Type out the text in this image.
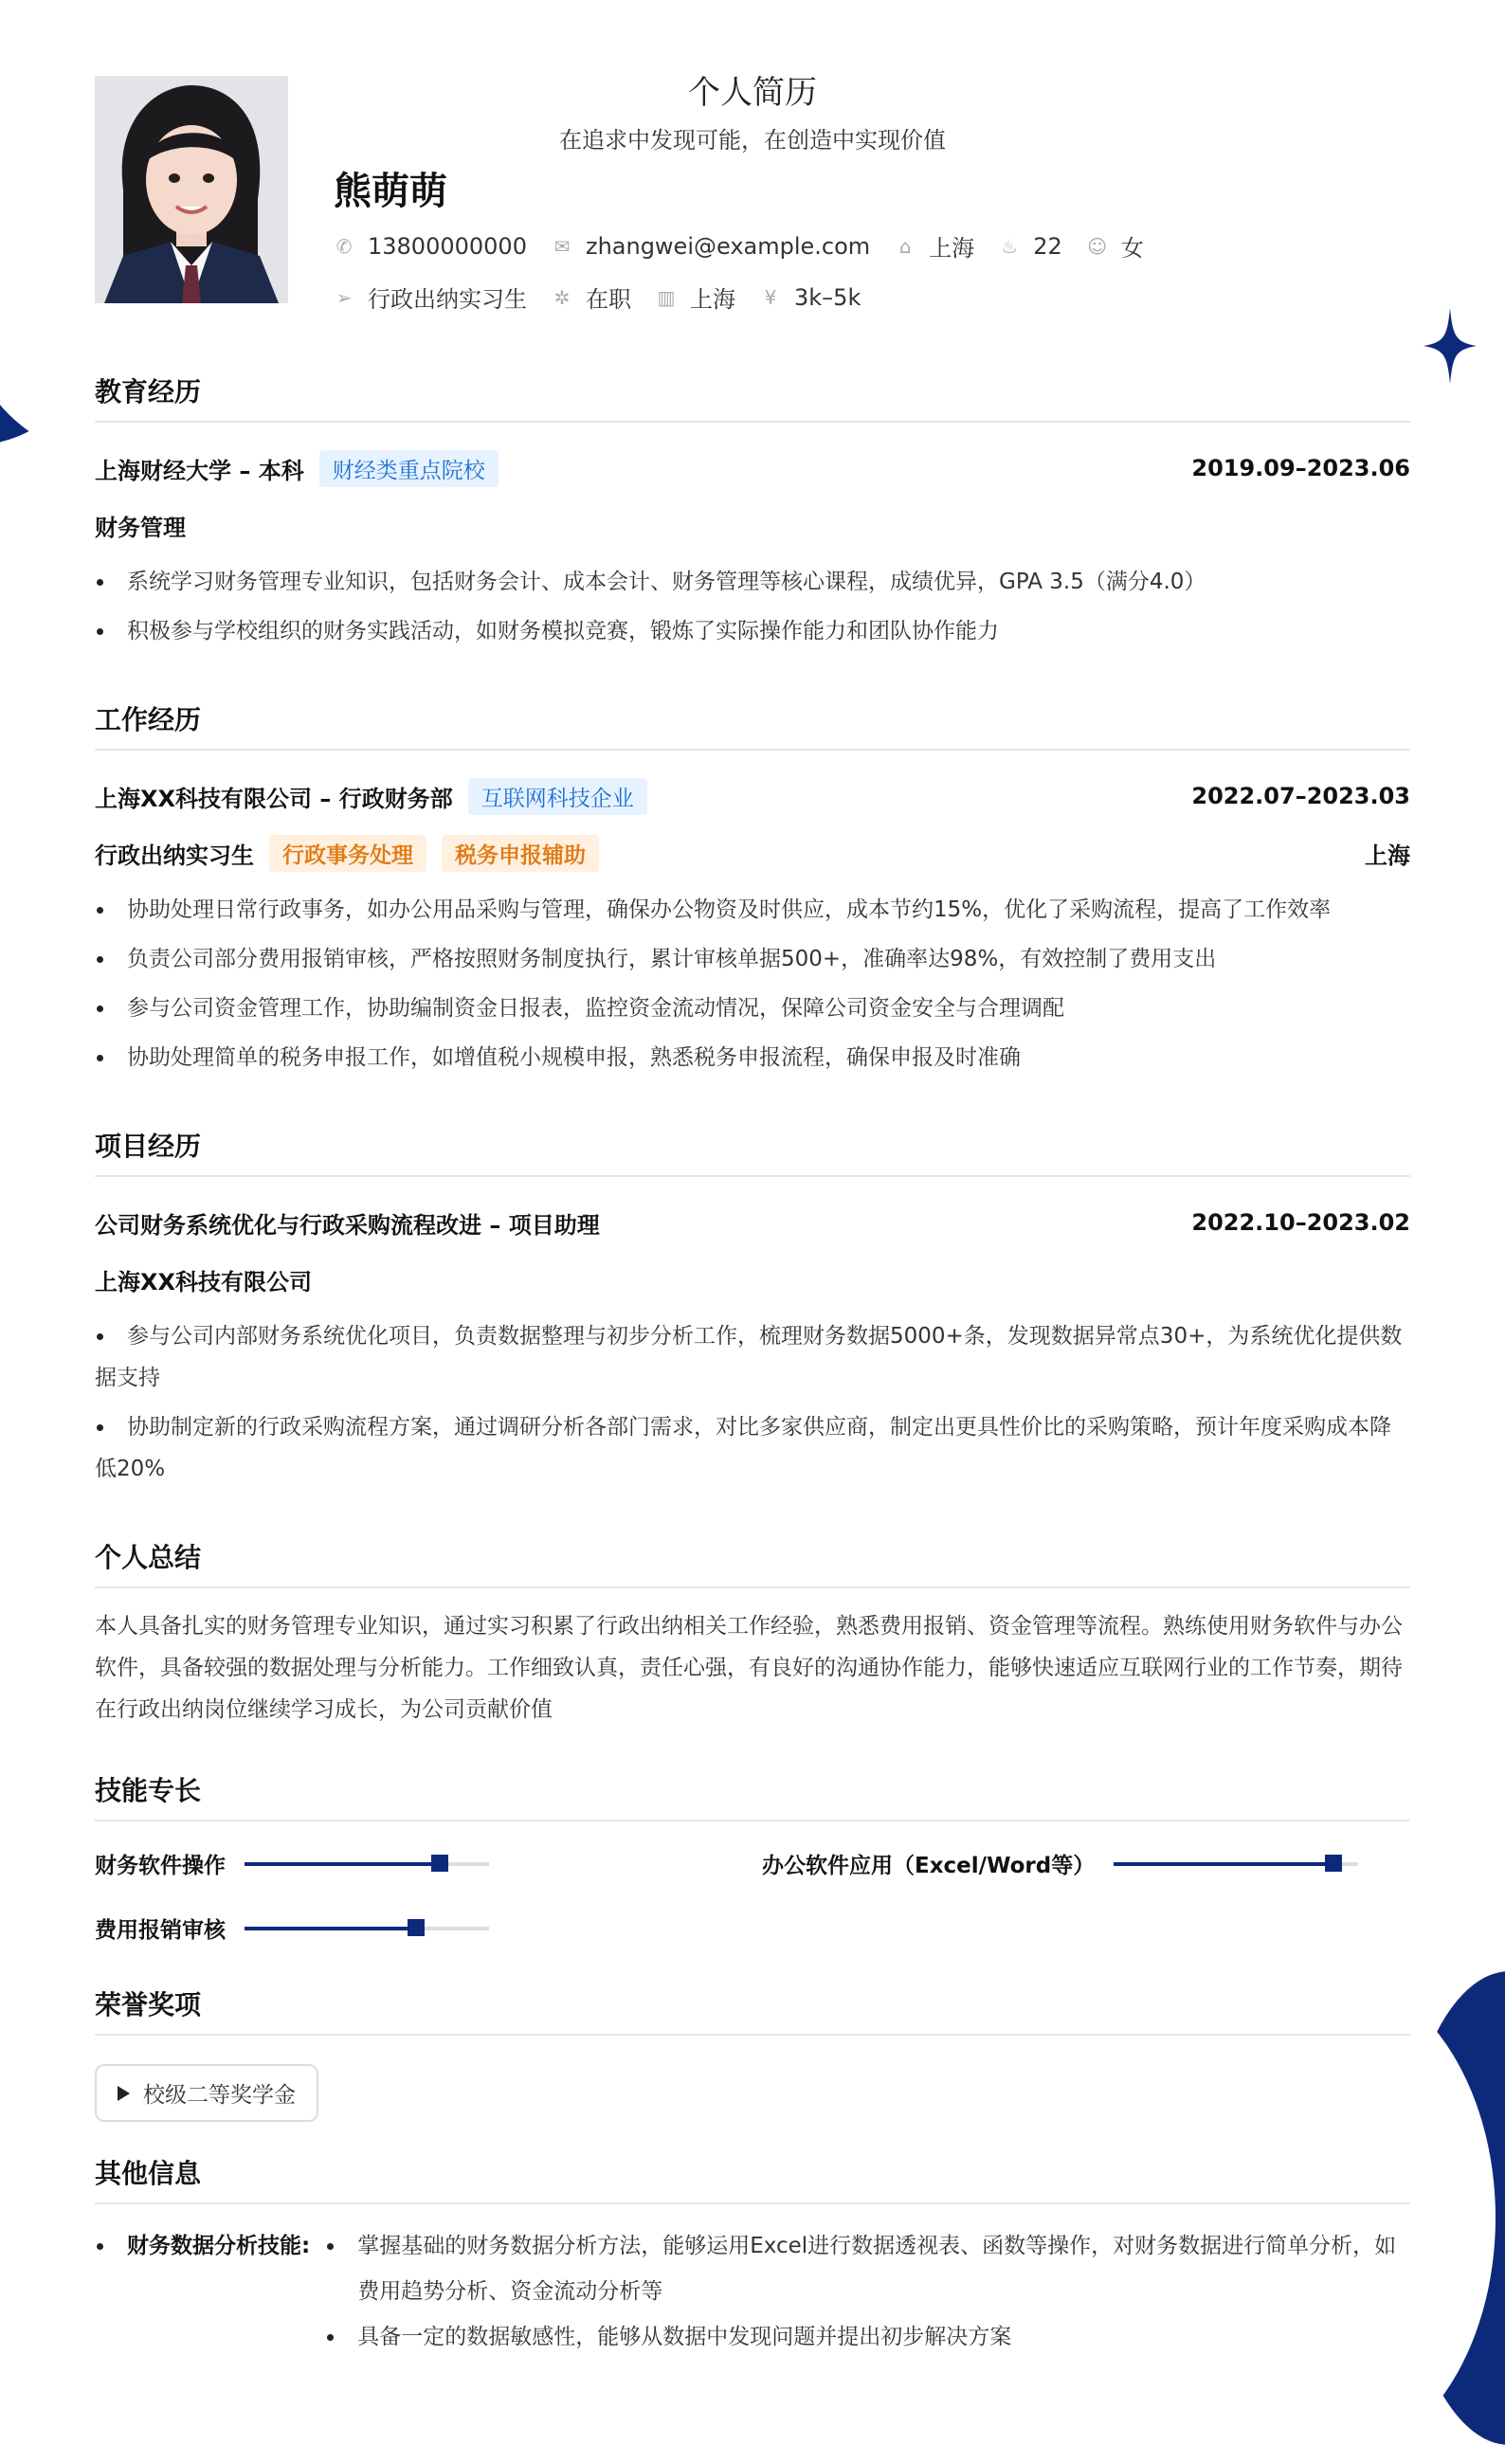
个人简历
在追求中发现可能，在创造中实现价值
熊萌萌
✆ 13800000000 ✉ zhangwei@example.com ⌂ 上海 ♨ 22 ☺ 女
➢ 行政出纳实习生 ✲ 在职 ▥ 上海 ¥ 3k–5k
教育经历
上海财经大学 – 本科	财经类重点院校	2019.09–2023.06
财务管理
系统学习财务管理专业知识，包括财务会计、成本会计、财务管理等核心课程，成绩优异，GPA 3.5（满分4.0）
积极参与学校组织的财务实践活动，如财务模拟竞赛，锻炼了实际操作能力和团队协作能力
工作经历
上海XX科技有限公司 – 行政财务部	互联网科技企业	2022.07–2023.03
行政出纳实习生	行政事务处理	税务申报辅助	上海
协助处理日常行政事务，如办公用品采购与管理，确保办公物资及时供应，成本节约15%，优化了采购流程，提高了工作效率
负责公司部分费用报销审核，严格按照财务制度执行，累计审核单据500+，准确率达98%，有效控制了费用支出
参与公司资金管理工作，协助编制资金日报表，监控资金流动情况，保障公司资金安全与合理调配
协助处理简单的税务申报工作，如增值税小规模申报，熟悉税务申报流程，确保申报及时准确
项目经历
公司财务系统优化与行政采购流程改进 – 项目助理	2022.10–2023.02
上海XX科技有限公司
参与公司内部财务系统优化项目，负责数据整理与初步分析工作，梳理财务数据5000+条，发现数据异常点30+，为系统优化提供数据支持
协助制定新的行政采购流程方案，通过调研分析各部门需求，对比多家供应商，制定出更具性价比的采购策略，预计年度采购成本降低20%
个人总结
本人具备扎实的财务管理专业知识，通过实习积累了行政出纳相关工作经验，熟悉费用报销、资金管理等流程。熟练使用财务软件与办公软件，具备较强的数据处理与分析能力。工作细致认真，责任心强，有良好的沟通协作能力，能够快速适应互联网行业的工作节奏，期待在行政出纳岗位继续学习成长，为公司贡献价值
技能专长
财务软件操作	办公软件应用（Excel/Word等）
费用报销审核
荣誉奖项
校级二等奖学金
其他信息
财务数据分析技能:	掌握基础的财务数据分析方法，能够运用Excel进行数据透视表、函数等操作，对财务数据进行简单分析，如费用趋势分析、资金流动分析等
具备一定的数据敏感性，能够从数据中发现问题并提出初步解决方案
